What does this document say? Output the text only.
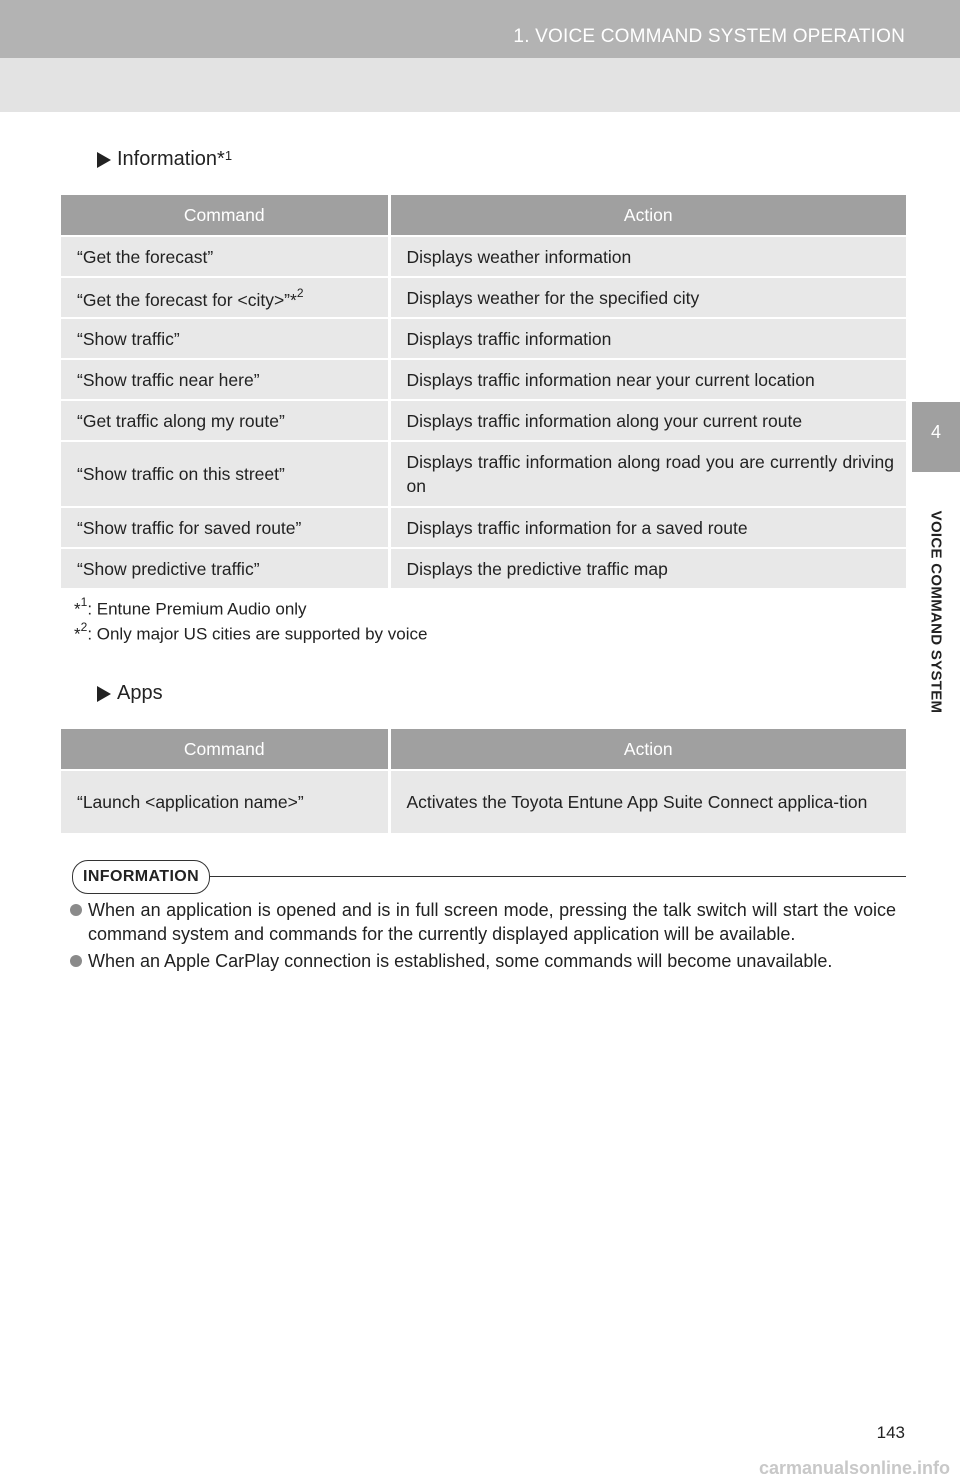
1. VOICE COMMAND SYSTEM OPERATION
4
VOICE COMMAND SYSTEM
Information*$^1$
Command	Action
“Get the forecast”	Displays weather information
“Get the forecast for <city>”*$^2$	Displays weather for the specified city
“Show traffic”	Displays traffic information
“Show traffic near here”	Displays traffic information near your current location
“Get traffic along my route”	Displays traffic information along your current route
“Show traffic on this street”	Displays traffic information along road you are currently driving on
“Show traffic for saved route”	Displays traffic information for a saved route
“Show predictive traffic”	Displays the predictive traffic map
*$^1$: Entune Premium Audio only
*$^2$: Only major US cities are supported by voice
Apps
Command	Action
“Launch <application name>”	Activates the Toyota Entune App Suite Connect applica-tion
INFORMATION
When an application is opened and is in full screen mode, pressing the talk switch will start the voice command system and commands for the currently displayed application will be available.
When an Apple CarPlay connection is established, some commands will become unavailable.
143
carmanualsonline.info
